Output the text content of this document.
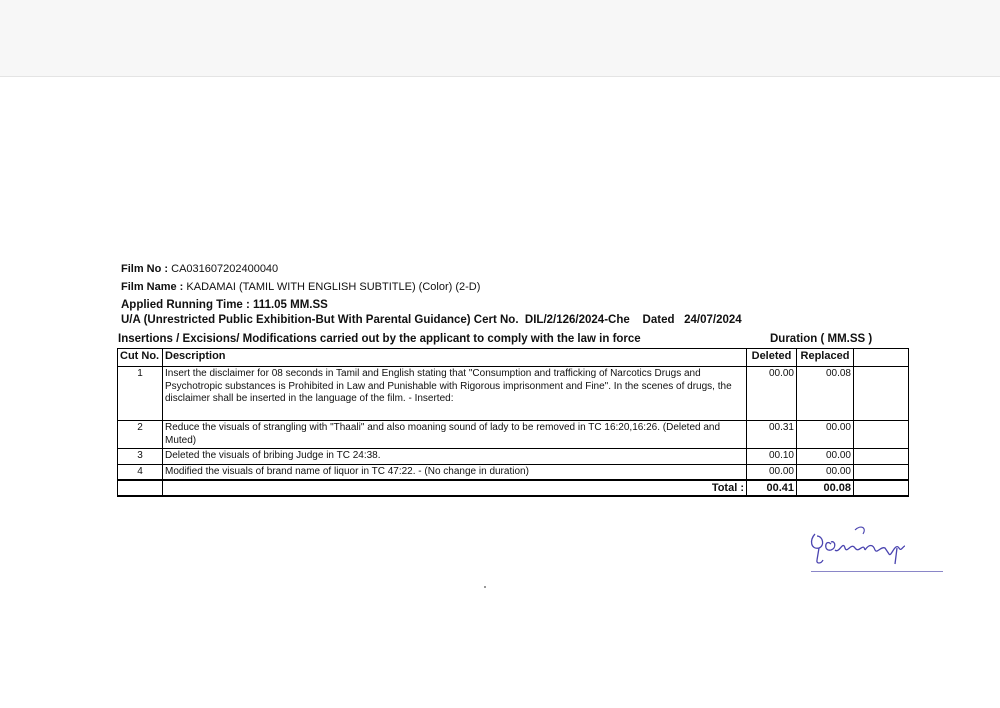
Film No : CA031607202400040
Film Name : KADAMAI (TAMIL WITH ENGLISH SUBTITLE) (Color) (2-D)
Applied Running Time : 111.05 MM.SS
U/A (Unrestricted Public Exhibition-But With Parental Guidance) Cert No. DIL/2/126/2024-Che Dated 24/07/2024
Insertions / Excisions/ Modifications carried out by the applicant to comply with the law in force	Duration ( MM.SS )
Cut No.	Description	Deleted	Replaced	
1	Insert the disclaimer for 08 seconds in Tamil and English stating that "Consumption and trafficking of Narcotics Drugs and Psychotropic substances is Prohibited in Law and Punishable with Rigorous imprisonment and Fine". In the scenes of drugs, the disclaimer shall be inserted in the language of the film. - Inserted:	00.00	00.08	
2	Reduce the visuals of strangling with "Thaali" and also moaning sound of lady to be removed in TC 16:20,16:26. (Deleted and Muted)	00.31	00.00	
3	Deleted the visuals of bribing Judge in TC 24:38.	00.10	00.00	
4	Modified the visuals of brand name of liquor in TC 47:22. - (No change in duration)	00.00	00.00	
	Total :	00.41	00.08	
